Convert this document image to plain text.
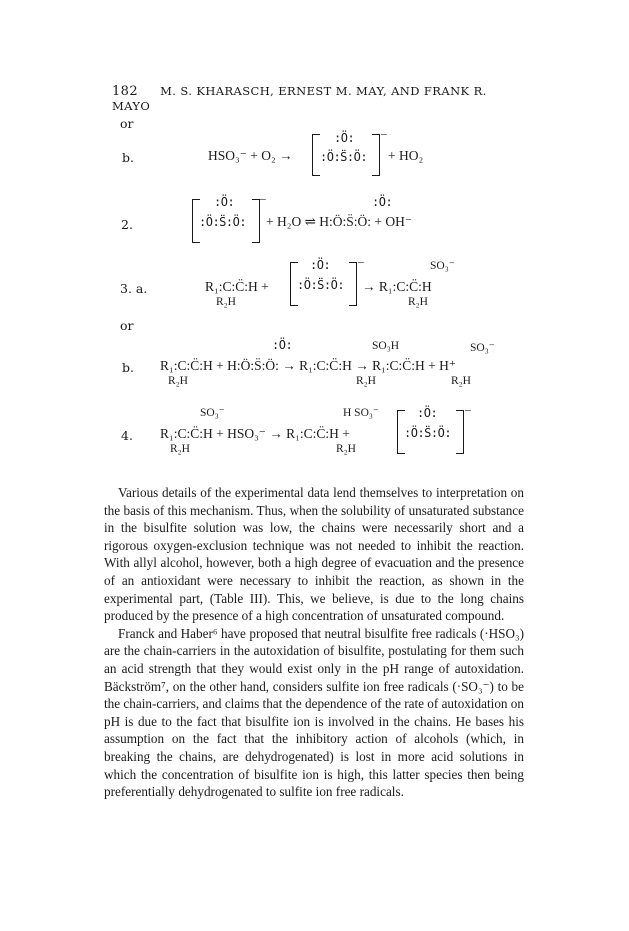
182 M. S. KHARASCH, ERNEST M. MAY, AND FRANK R. MAYO
or
b.	HSO₃⁻ + O₂ →
:Ö:
:Ö:S̈:Ö:
–
+ HO₂
2.
:Ö:
:Ö:S̈:Ö:
–	:Ö:
+ H₂O ⇌ H:Ö:S̈:Ö: + OH⁻
3. a.	R₁:C:C̈:H +
R₂H
:Ö:
:Ö:S̈:Ö:
–	SO₃⁻
→ R₁:C:C̈:H
R₂H
or
b.
:Ö:	SO₃H	SO₃⁻
R₁:C:C̈:H + H:Ö:S̈:Ö: → R₁:C:C̈:H → R₁:C:C̈:H + H⁺
R₂H	R₂H	R₂H
4.
SO₃⁻	H SO₃⁻
R₁:C:C̈:H + HSO₃⁻ → R₁:C:C̈:H +
R₂H	R₂H
:Ö:
:Ö:S̈:Ö:
–

Various details of the experimental data lend themselves to interpretation on the basis of this mechanism. Thus, when the solubility of unsaturated substance in the bisulfite solution was low, the chains were necessarily short and a rigorous oxygen-exclusion technique was not needed to inhibit the reaction. With allyl alcohol, however, both a high degree of evacuation and the presence of an antioxidant were necessary to inhibit the reaction, as shown in the experimental part, (Table III). This, we believe, is due to the long chains produced by the presence of a high concentration of unsaturated compound.

Franck and Haber⁶ have proposed that neutral bisulfite free radicals (·HSO₃) are the chain-carriers in the autoxidation of bisulfite, postulating for them such an acid strength that they would exist only in the pH range of autoxidation. Bäckström⁷, on the other hand, considers sulfite ion free radicals (·SO₃⁻) to be the chain-carriers, and claims that the dependence of the rate of autoxidation on pH is due to the fact that bisulfite ion is involved in the chains. He bases his assumption on the fact that the inhibitory action of alcohols (which, in breaking the chains, are dehydrogenated) is lost in more acid solutions in which the concentration of bisulfite ion is high, this latter species then being preferentially dehydrogenated to sulfite ion free radicals.
